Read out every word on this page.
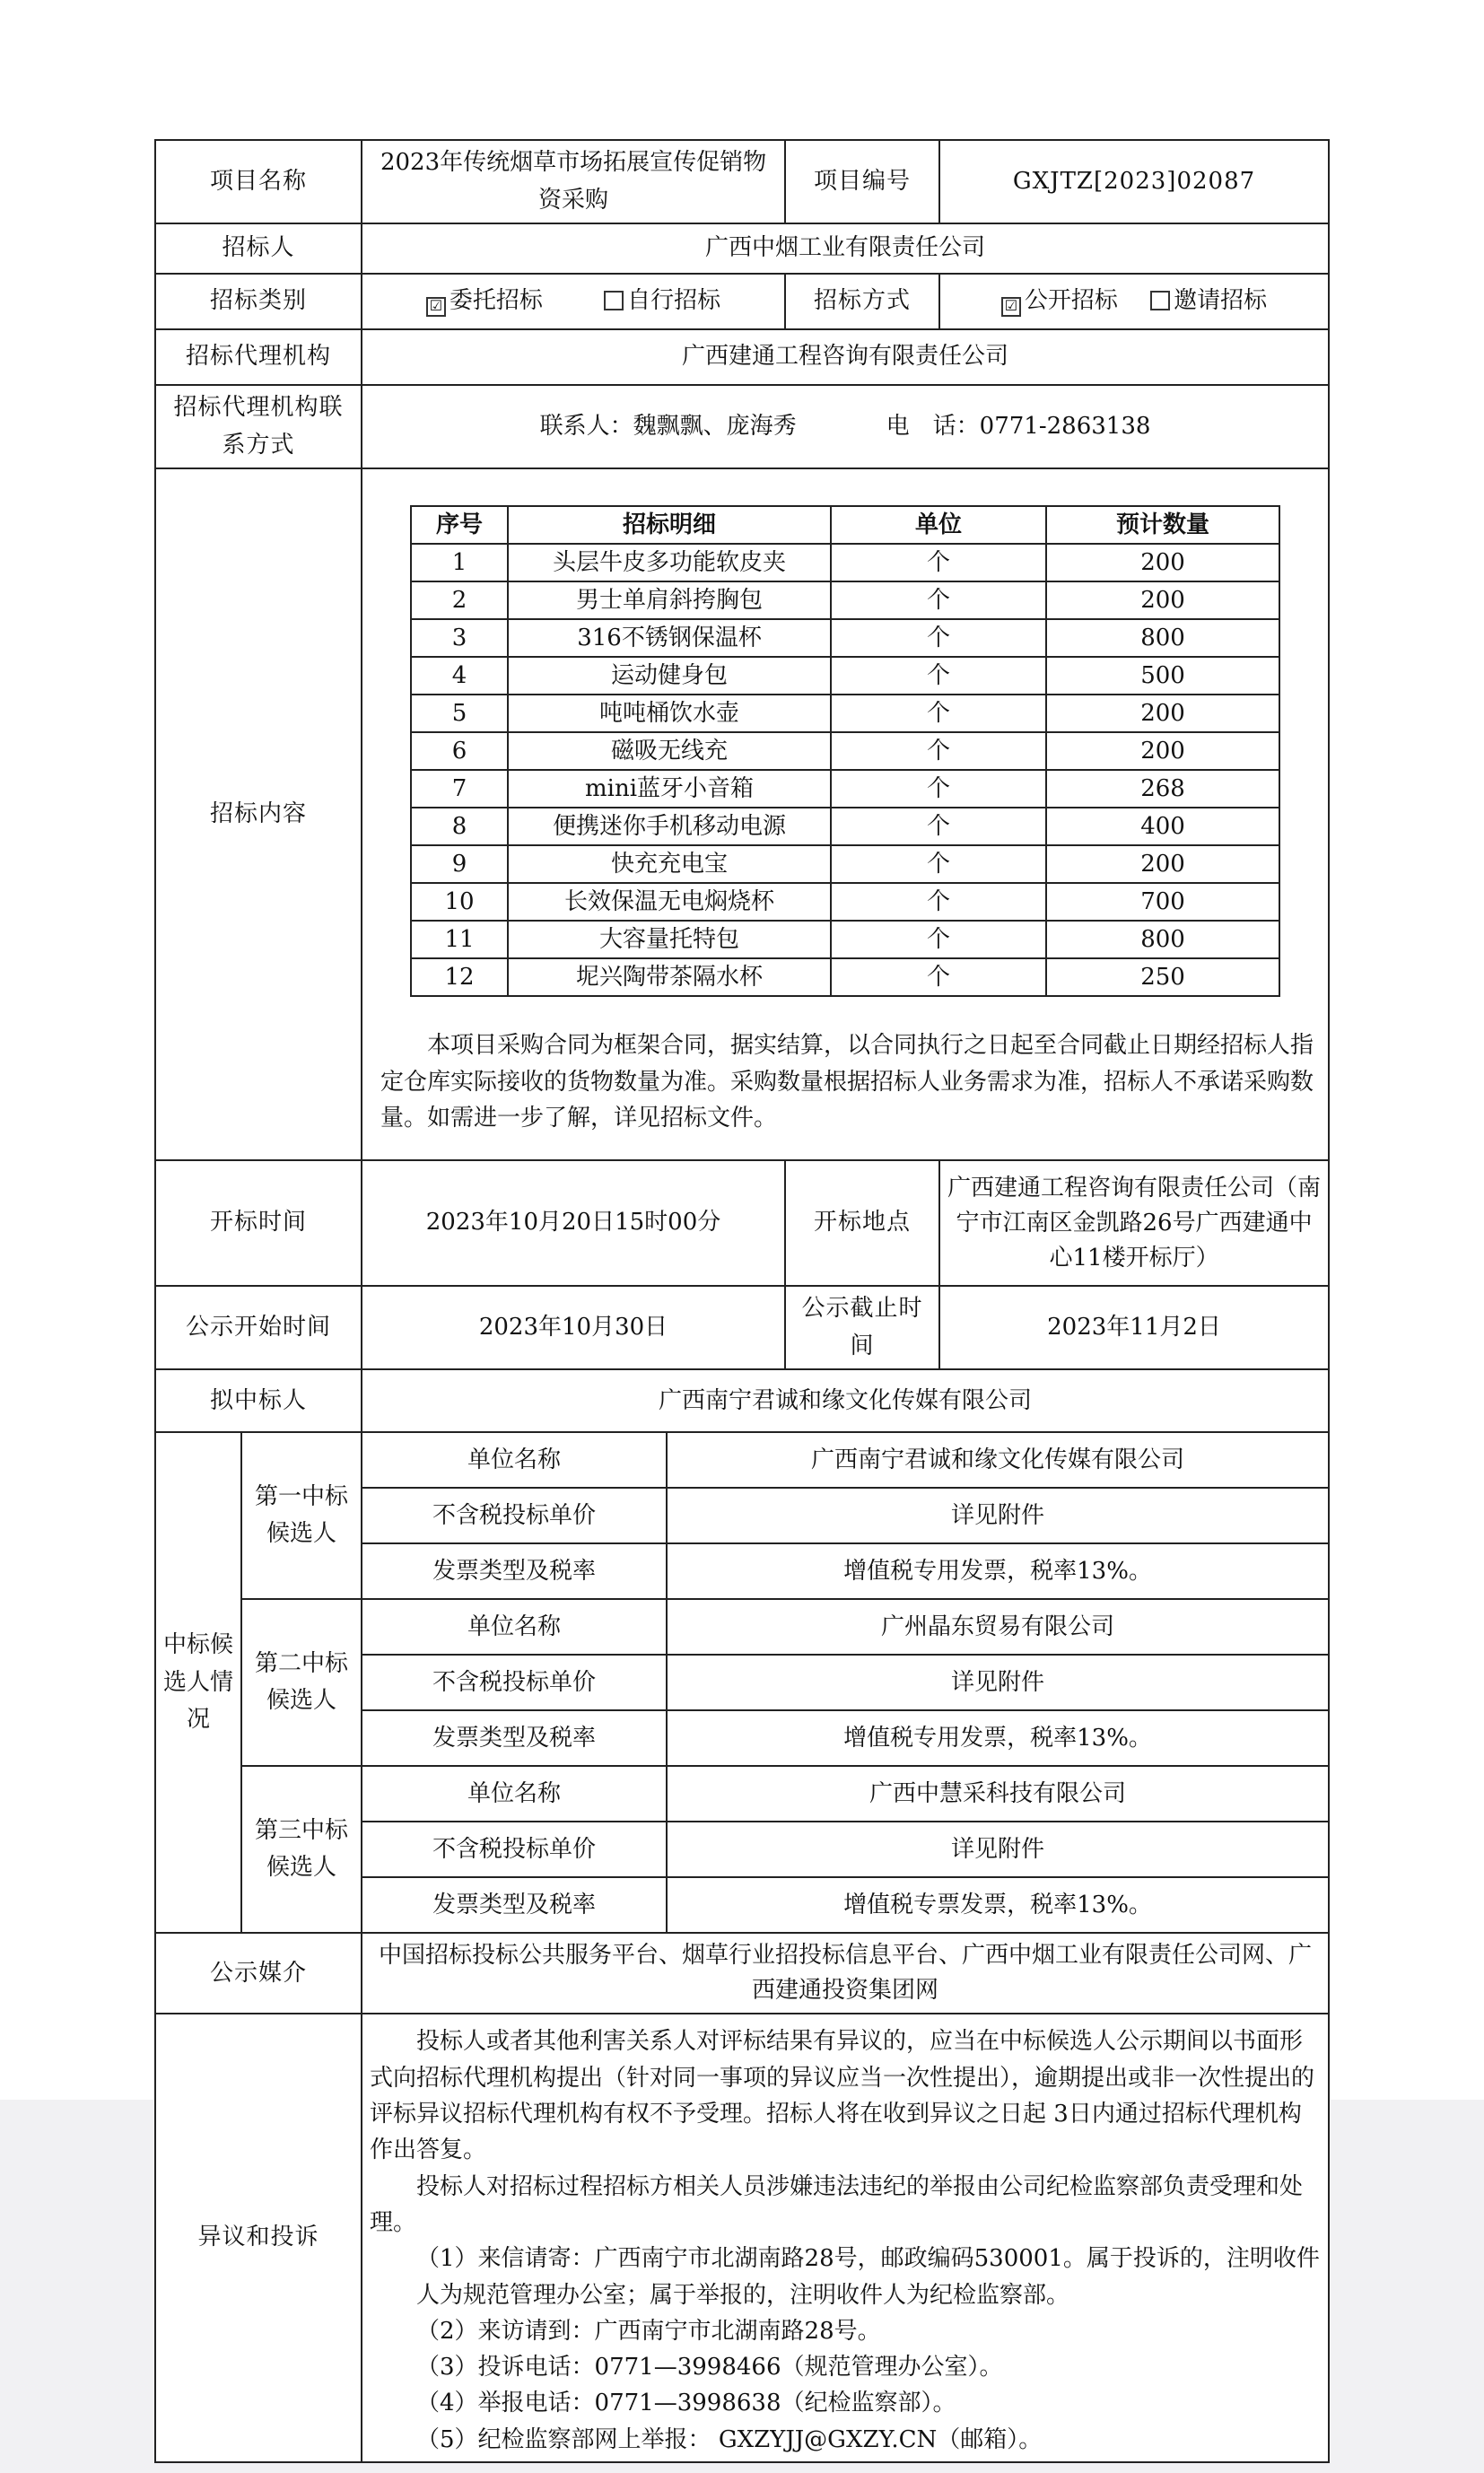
项目名称	2023年传统烟草市场拓展宣传促销物资采购	项目编号	GXJTZ[2023]02087
招标人	广西中烟工业有限责任公司
招标类别	☑ 委托招标	自行招标	招标方式	☑ 公开招标 邀请招标
招标代理机构	广西建通工程咨询有限责任公司
招标代理机构联系方式	联系人：魏飘飘、庞海秀	电　话：0771-2863138
招标内容	
序号	招标明细	单位	预计数量
1	头层牛皮多功能软皮夹	个	200
2	男士单肩斜挎胸包	个	200
3	316不锈钢保温杯	个	800
4	运动健身包	个	500
5	吨吨桶饮水壶	个	200
6	磁吸无线充	个	200
7	mini蓝牙小音箱	个	268
8	便携迷你手机移动电源	个	400
9	快充充电宝	个	200
10	长效保温无电焖烧杯	个	700
11	大容量托特包	个	800
12	坭兴陶带茶隔水杯	个	250

本项目采购合同为框架合同，据实结算，以合同执行之日起至合同截止日期经招标人指定仓库实际接收的货物数量为准。采购数量根据招标人业务需求为准，招标人不承诺采购数量。如需进一步了解，详见招标文件。

开标时间	2023年10月20日15时00分	开标地点	广西建通工程咨询有限责任公司（南宁市江南区金凯路26号广西建通中心11楼开标厅）
公示开始时间	2023年10月30日	公示截止时间	2023年11月2日
拟中标人	广西南宁君诚和缘文化传媒有限公司
中标候选人情况	第一中标候选人	单位名称	广西南宁君诚和缘文化传媒有限公司
不含税投标单价	详见附件
发票类型及税率	增值税专用发票，税率13%。
第二中标候选人	单位名称	广州晶东贸易有限公司
不含税投标单价	详见附件
发票类型及税率	增值税专用发票，税率13%。
第三中标候选人	单位名称	广西中慧采科技有限公司
不含税投标单价	详见附件
发票类型及税率	增值税专票发票，税率13%。
公示媒介	中国招标投标公共服务平台、烟草行业招投标信息平台、广西中烟工业有限责任公司网、广西建通投资集团网
异议和投诉	

投标人或者其他利害关系人对评标结果有异议的，应当在中标候选人公示期间以书面形式向招标代理机构提出（针对同一事项的异议应当一次性提出），逾期提出或非一次性提出的评标异议招标代理机构有权不予受理。招标人将在收到异议之日起 3日内通过招标代理机构作出答复。

投标人对招标过程招标方相关人员涉嫌违法违纪的举报由公司纪检监察部负责受理和处理。

（1）来信请寄：广西南宁市北湖南路28号，邮政编码530001。属于投诉的，注明收件人为规范管理办公室；属于举报的，注明收件人为纪检监察部。

（2）来访请到：广西南宁市北湖南路28号。

（3）投诉电话：0771—3998466（规范管理办公室）。

（4）举报电话：0771—3998638（纪检监察部）。

（5）纪检监察部网上举报： GXZYJJ@GXZY.CN（邮箱）。
